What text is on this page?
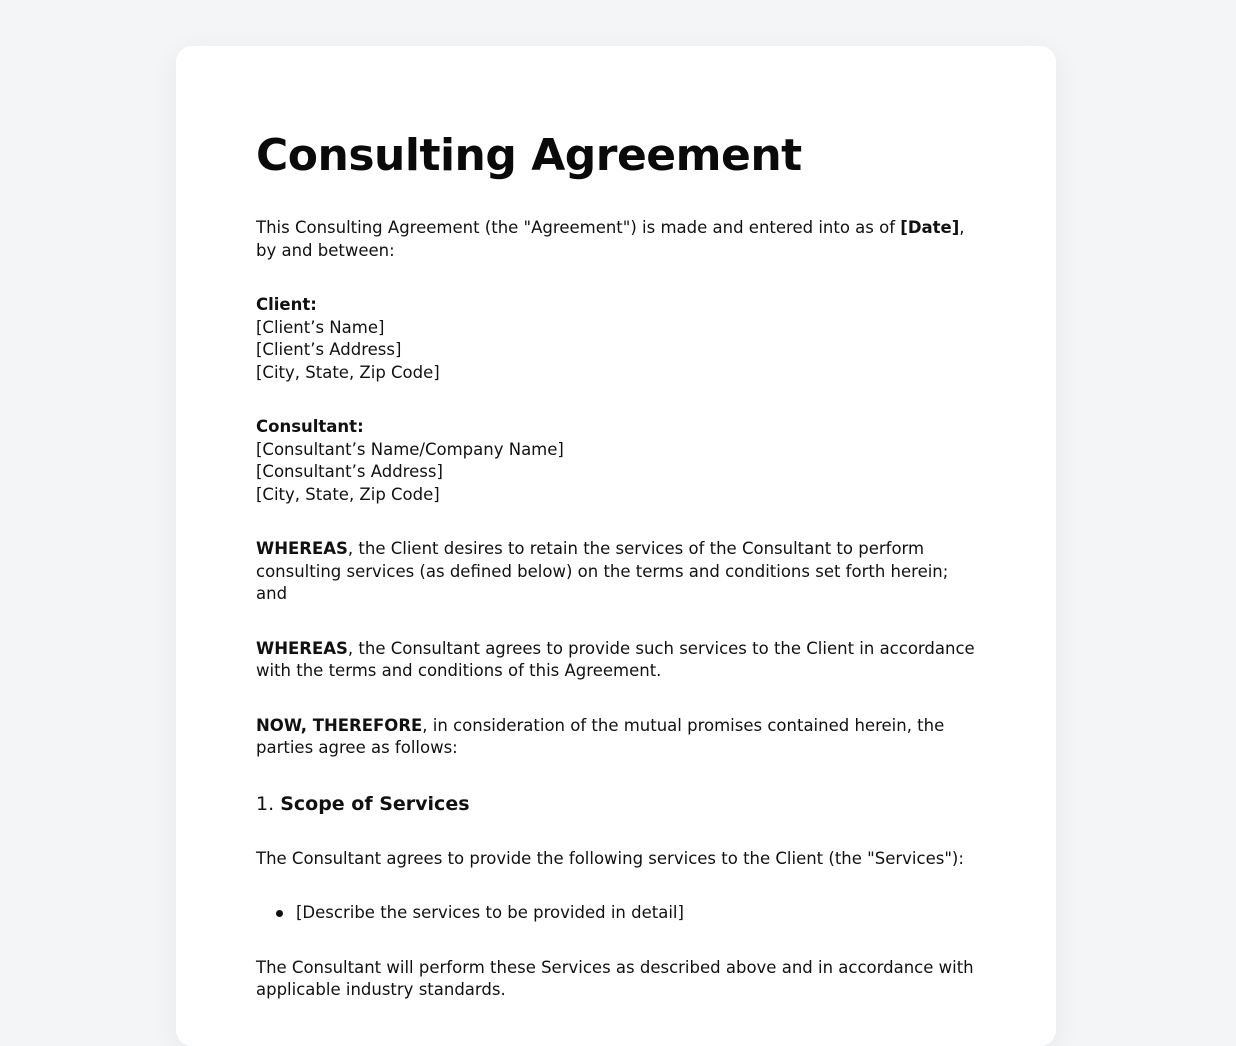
Consulting Agreement

This Consulting Agreement (the "Agreement") is made and entered into as of [Date], by and between:

Client:
[Client’s Name]
[Client’s Address]
[City, State, Zip Code]
Consultant:
[Consultant’s Name/Company Name]
[Consultant’s Address]
[City, State, Zip Code]

WHEREAS, the Client desires to retain the services of the Consultant to perform consulting services (as defined below) on the terms and conditions set forth herein; and

WHEREAS, the Consultant agrees to provide such services to the Client in accordance with the terms and conditions of this Agreement.

NOW, THEREFORE, in consideration of the mutual promises contained herein, the parties agree as follows:

1. Scope of Services

The Consultant agrees to provide the following services to the Client (the "Services"):

[Describe the services to be provided in detail]

The Consultant will perform these Services as described above and in accordance with applicable industry standards.
